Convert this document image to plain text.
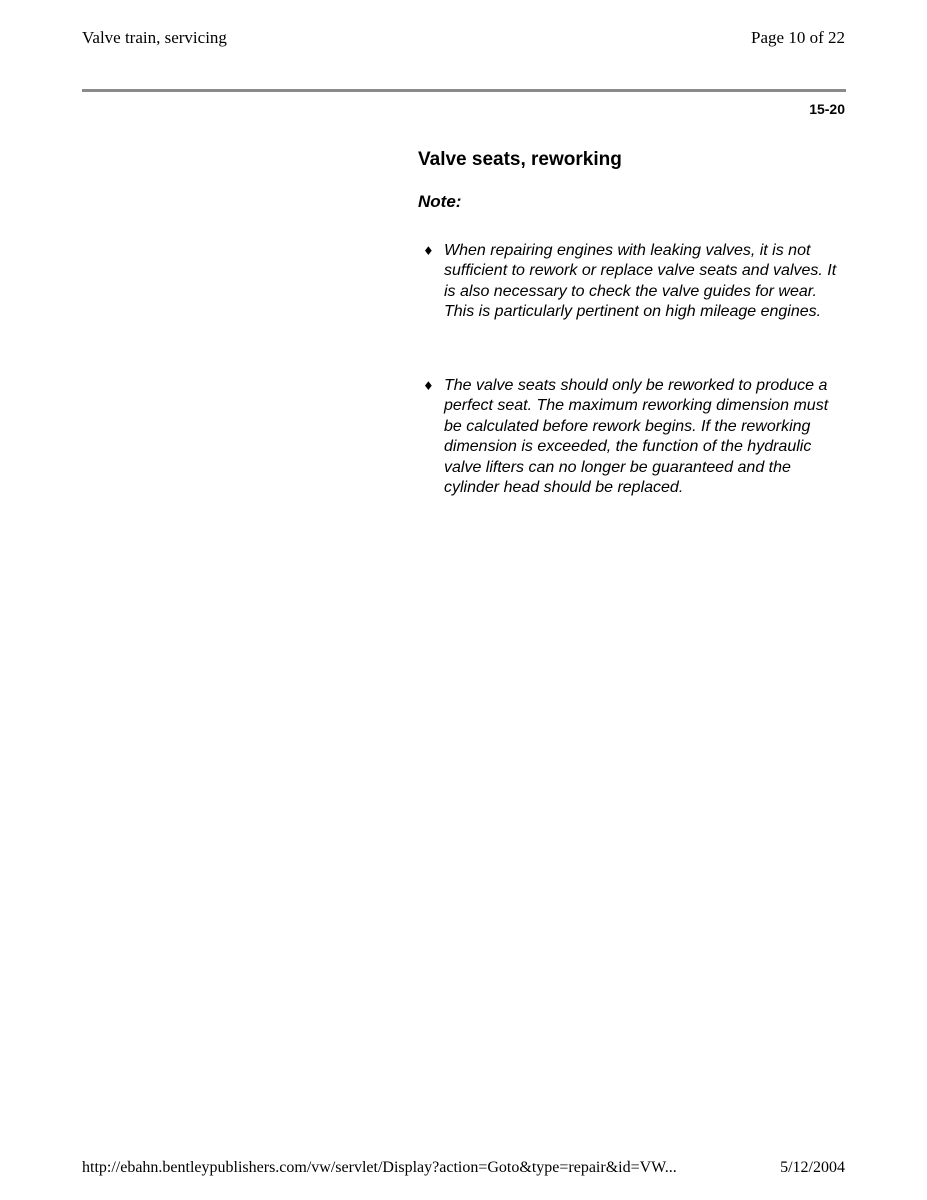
Valve train, servicing	Page 10 of 22
15-20
Valve seats, reworking
Note:
♦ When repairing engines with leaking valves, it is not sufficient to rework or replace valve seats and valves. It is also necessary to check the valve guides for wear. This is particularly pertinent on high mileage engines.
♦ The valve seats should only be reworked to produce a perfect seat. The maximum reworking dimension must be calculated before rework begins. If the reworking dimension is exceeded, the function of the hydraulic valve lifters can no longer be guaranteed and the cylinder head should be replaced.
http://ebahn.bentleypublishers.com/vw/servlet/Display?action=Goto&type=repair&id=VW...	5/12/2004
